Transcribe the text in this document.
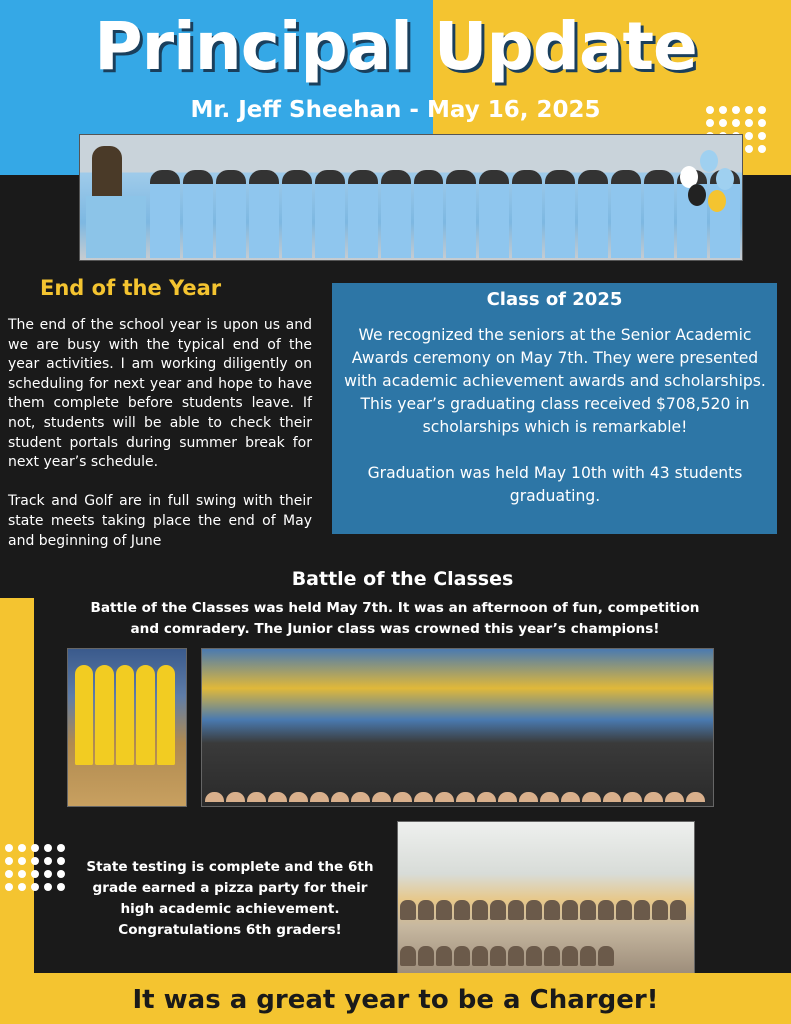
Principal Update
Mr. Jeff Sheehan - May 16, 2025
End of the Year
The end of the school year is upon us and we are busy with the typical end of the year activities. I am working diligently on scheduling for next year and hope to have them complete before students leave. If not, students will be able to check their student portals during summer break for next year’s schedule.

Track and Golf are in full swing with their state meets taking place the end of May and beginning of June
Class of 2025
We recognized the seniors at the Senior Academic Awards ceremony on May 7th. They were presented with academic achievement awards and scholarships. This year’s graduating class received $708,520 in scholarships which is remarkable!

Graduation was held May 10th with 43 students graduating.
Battle of the Classes
Battle of the Classes was held May 7th. It was an afternoon of fun, competition and comradery. The Junior class was crowned this year’s champions!
State testing is complete and the 6th grade earned a pizza party for their high academic achievement. Congratulations 6th graders!
It was a great year to be a Charger!
